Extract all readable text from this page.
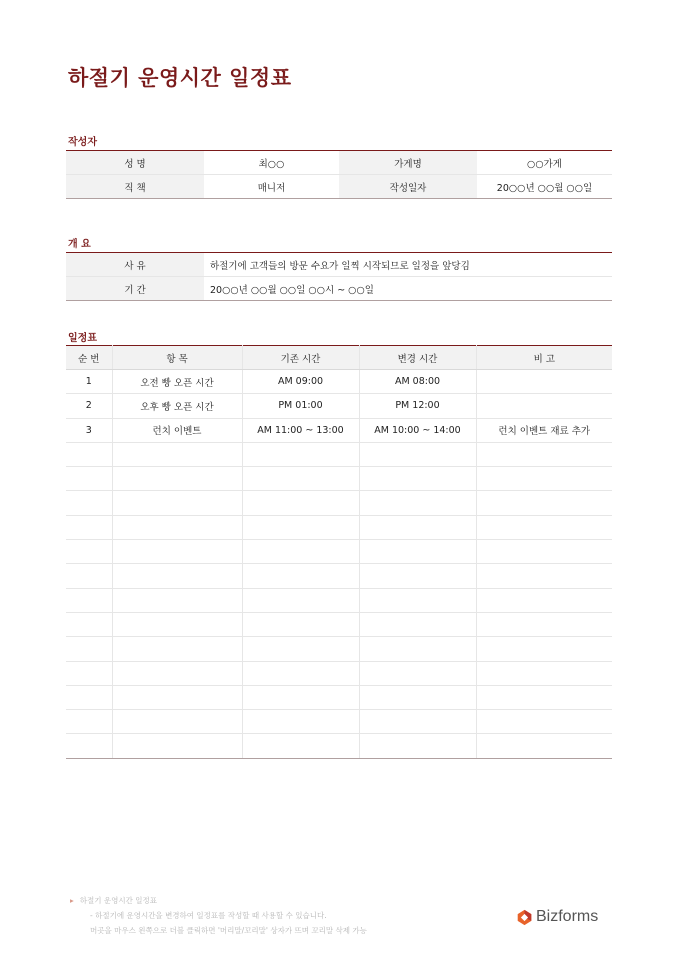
하절기 운영시간 일정표
작성자
성 명	최○○	가게명	○○가게
직 책	매니저	작성일자	20○○년 ○○월 ○○일
개 요
사 유	하절기에 고객들의 방문 수요가 일찍 시작되므로 일정을 앞당김
기 간	20○○년 ○○월 ○○일 ○○시 ~ ○○일
일정표
순 번	항 목	기존 시간	변경 시간	비 고
1	오전 빵 오픈 시간	AM 09:00	AM 08:00	
2	오후 빵 오픈 시간	PM 01:00	PM 12:00	
3	런치 이벤트	AM 11:00 ~ 13:00	AM 10:00 ~ 14:00	런치 이벤트 재료 추가

▸ 하절기 운영시간 일정표
- 하절기에 운영시간을 변경하여 일정표를 작성할 때 사용할 수 있습니다.
머곳을 마우스 왼쪽으로 더블 클릭하면 '머리말/꼬리말' 상자가 뜨며 꼬리말 삭제 가능
Bizforms
